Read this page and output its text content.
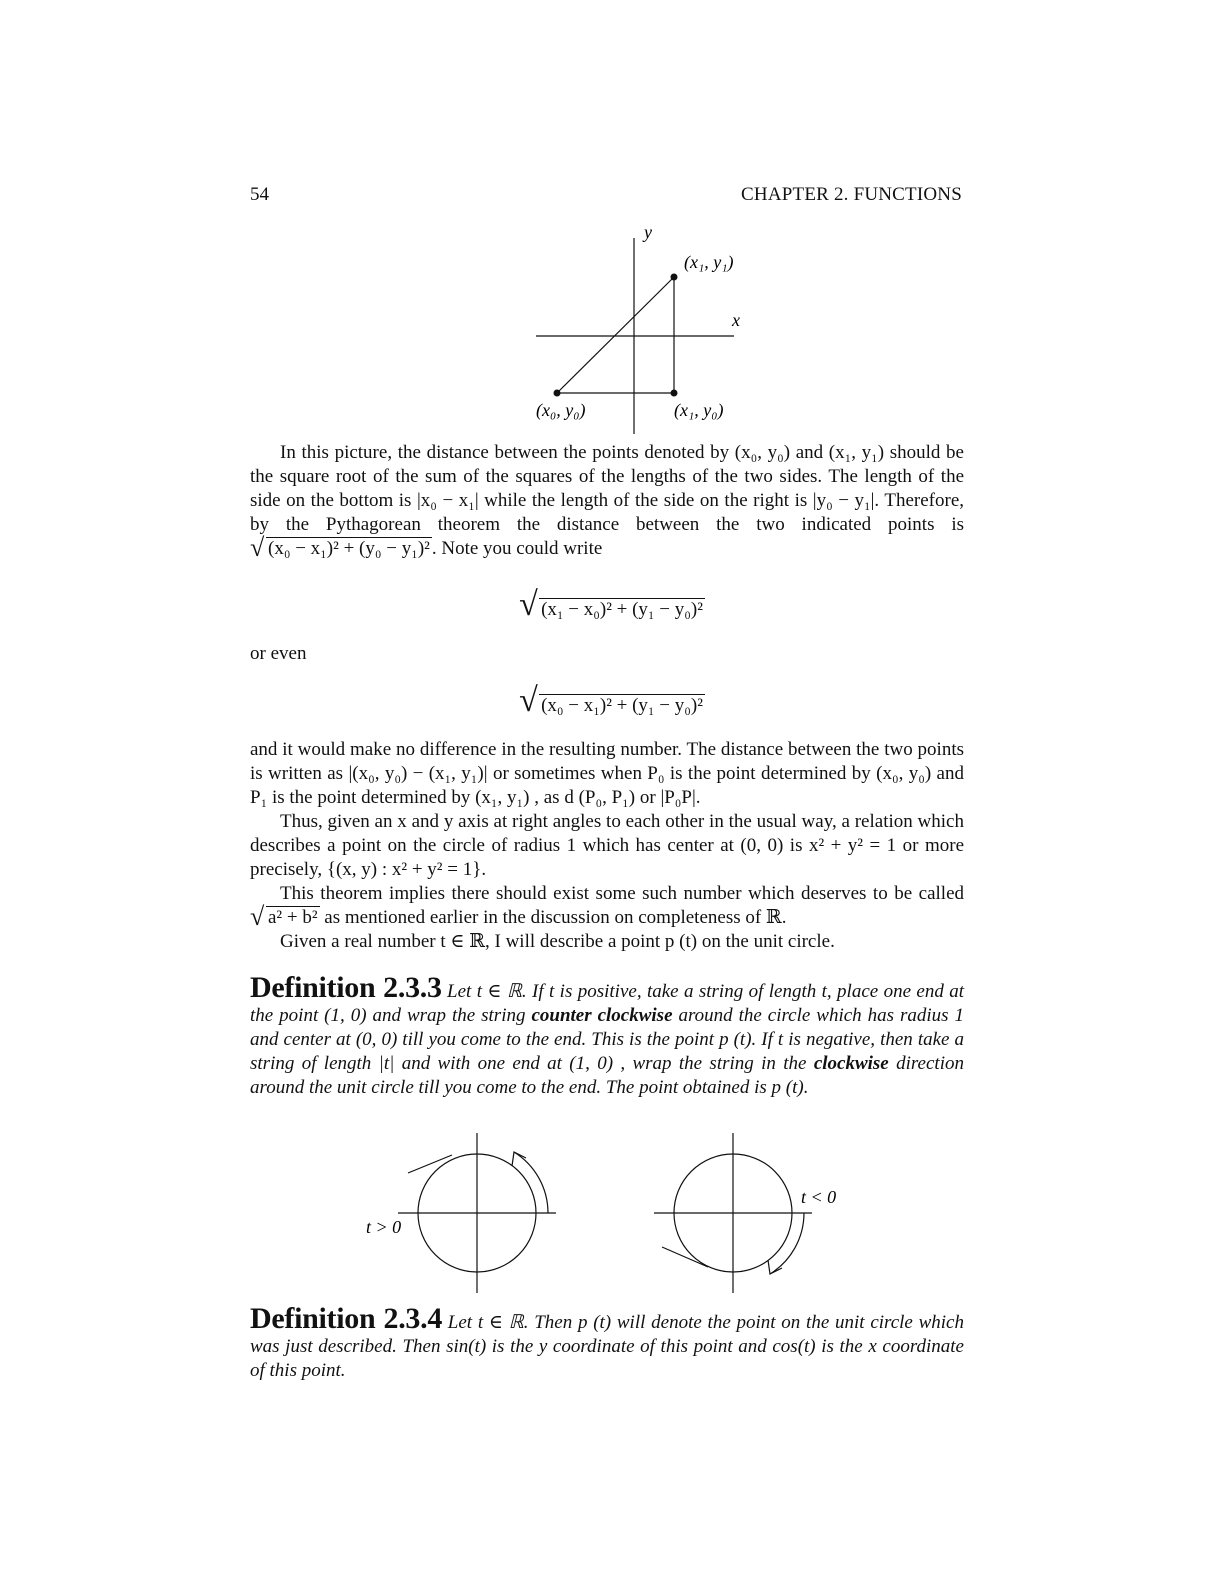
54	CHAPTER 2. FUNCTIONS
y
x
(x₁, y₁)
(x₀, y₀)	(x₁, y₀)
In this picture, the distance between the points denoted by (x₀, y₀) and (x₁, y₁) should be the square root of the sum of the squares of the lengths of the two sides. The length of the side on the bottom is |x₀ − x₁| while the length of the side on the right is |y₀ − y₁|. Therefore, by the Pythagorean theorem the distance between the two indicated points is
√ (x₀ − x₁)² + (y₀ − y₁)² . Note you could write
√ (x₁ − x₀)² + (y₁ − y₀)²
or even
√ (x₀ − x₁)² + (y₁ − y₀)²
and it would make no difference in the resulting number. The distance between the two points is written as |(x₀, y₀) − (x₁, y₁)| or sometimes when P₀ is the point determined by (x₀, y₀) and P₁ is the point determined by (x₁, y₁) , as d (P₀, P₁) or |P₀P|.
Thus, given an x and y axis at right angles to each other in the usual way, a relation which describes a point on the circle of radius 1 which has center at (0, 0) is x² + y² = 1 or more precisely, {(x, y) : x² + y² = 1}.
This theorem implies there should exist some such number which deserves to be called
√ a² + b² as mentioned earlier in the discussion on completeness of ℝ.
Given a real number t ∈ ℝ, I will describe a point p (t) on the unit circle.
Definition 2.3.3 Let t ∈ ℝ. If t is positive, take a string of length t, place one end at the point (1, 0) and wrap the string counter clockwise around the circle which has radius 1 and center at (0, 0) till you come to the end. This is the point p (t). If t is negative, then take a string of length |t| and with one end at (1, 0) , wrap the string in the clockwise direction around the unit circle till you come to the end. The point obtained is p (t).
t > 0
t < 0
Definition 2.3.4 Let t ∈ ℝ. Then p (t) will denote the point on the unit circle which was just described. Then sin(t) is the y coordinate of this point and cos(t) is the x coordinate of this point.
